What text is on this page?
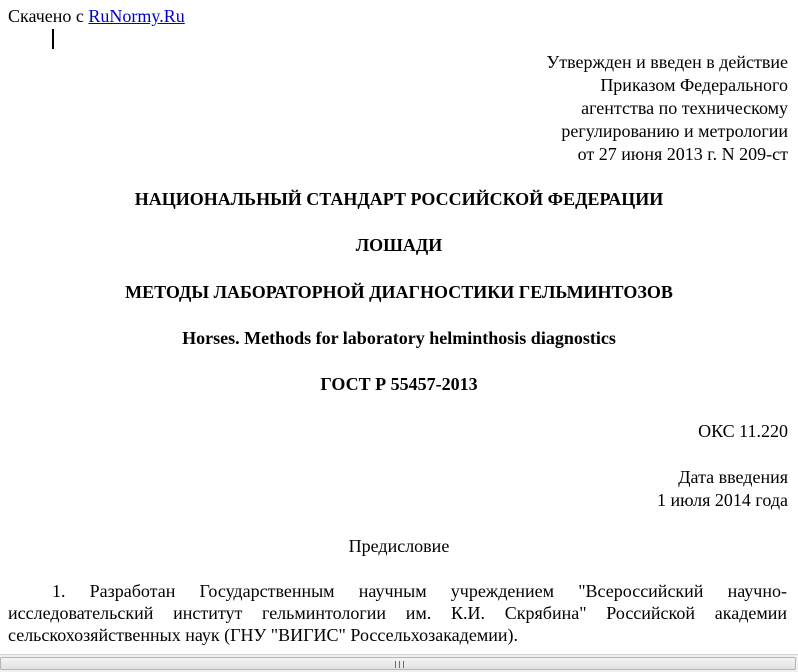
Скачено с RuNormy.Ru
Утвержден и введен в действие
Приказом Федерального
агентства по техническому
регулированию и метрологии
от 27 июня 2013 г. N 209-ст
НАЦИОНАЛЬНЫЙ СТАНДАРТ РОССИЙСКОЙ ФЕДЕРАЦИИ
ЛОШАДИ
МЕТОДЫ ЛАБОРАТОРНОЙ ДИАГНОСТИКИ ГЕЛЬМИНТОЗОВ
Horses. Methods for laboratory helminthosis diagnostics
ГОСТ Р 55457-2013
ОКС 11.220
Дата введения
1 июля 2014 года
Предисловие
1. Разработан Государственным научным учреждением "Всероссийский научно-исследовательский институт гельминтологии им. К.И. Скрябина" Российской академии сельскохозяйственных наук (ГНУ "ВИГИС" Россельхозакадемии).
